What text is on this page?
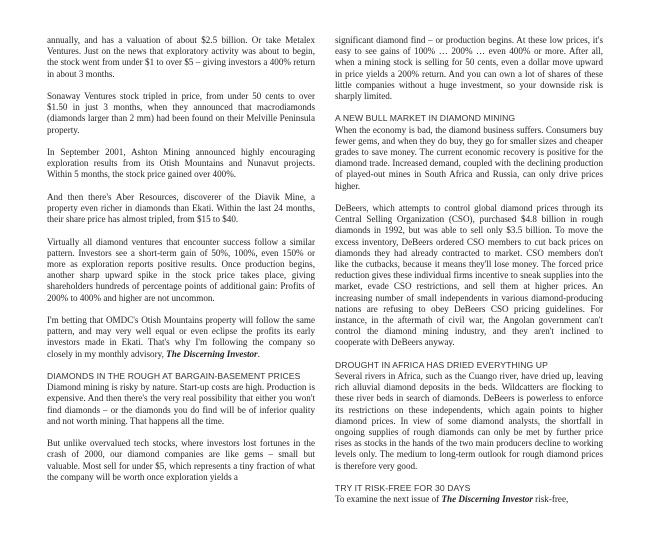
annually, and has a valuation of about $2.5 billion. Or take Metalex Ventures. Just on the news that exploratory activity was about to begin, the stock went from under $1 to over $5 – giving investors a 400% return in about 3 months.

Sonaway Ventures stock tripled in price, from under 50 cents to over $1.50 in just 3 months, when they announced that macrodiamonds (diamonds larger than 2 mm) had been found on their Melville Peninsula property.

In September 2001, Ashton Mining announced highly encouraging exploration results from its Otish Mountains and Nunavut projects. Within 5 months, the stock price gained over 400%.

And then there's Aber Resources, discoverer of the Diavik Mine, a property even richer in diamonds than Ekati. Within the last 24 months, their share price has almost tripled, from $15 to $40.

Virtually all diamond ventures that encounter success follow a similar pattern. Investors see a short-term gain of 50%, 100%, even 150% or more as exploration reports positive results. Once production begins, another sharp upward spike in the stock price takes place, giving shareholders hundreds of percentage points of additional gain: Profits of 200% to 400% and higher are not uncommon.

I'm betting that OMDC's Otish Mountains property will follow the same pattern, and may very well equal or even eclipse the profits its early investors made in Ekati. That's why I'm following the company so closely in my monthly advisory, The Discerning Investor.

DIAMONDS IN THE ROUGH AT BARGAIN-BASEMENT PRICES

Diamond mining is risky by nature. Start-up costs are high. Production is expensive. And then there's the very real possibility that either you won't find diamonds – or the diamonds you do find will be of inferior quality and not worth mining. That happens all the time.

But unlike overvalued tech stocks, where investors lost fortunes in the crash of 2000, our diamond companies are like gems – small but valuable. Most sell for under $5, which represents a tiny fraction of what the company will be worth once exploration yields a

significant diamond find – or production begins. At these low prices, it's easy to see gains of 100% … 200% … even 400% or more. After all, when a mining stock is selling for 50 cents, even a dollar move upward in price yields a 200% return. And you can own a lot of shares of these little companies without a huge investment, so your downside risk is sharply limited.

A NEW BULL MARKET IN DIAMOND MINING

When the economy is bad, the diamond business suffers. Consumers buy fewer gems, and when they do buy, they go for smaller sizes and cheaper grades to save money. The current economic recovery is positive for the diamond trade. Increased demand, coupled with the declining production of played-out mines in South Africa and Russia, can only drive prices higher.

DeBeers, which attempts to control global diamond prices through its Central Selling Organization (CSO), purchased $4.8 billion in rough diamonds in 1992, but was able to sell only $3.5 billion. To move the excess inventory, DeBeers ordered CSO members to cut back prices on diamonds they had already contracted to market. CSO members don't like the cutbacks, because it means they'll lose money. The forced price reduction gives these individual firms incentive to sneak supplies into the market, evade CSO restrictions, and sell them at higher prices. An increasing number of small independents in various diamond-producing nations are refusing to obey DeBeers CSO pricing guidelines. For instance, in the aftermath of civil war, the Angolan government can't control the diamond mining industry, and they aren't inclined to cooperate with DeBeers anyway.

DROUGHT IN AFRICA HAS DRIED EVERYTHING UP

Several rivers in Africa, such as the Cuango river, have dried up, leaving rich alluvial diamond deposits in the beds. Wildcatters are flocking to these river beds in search of diamonds. DeBeers is powerless to enforce its restrictions on these independents, which again points to higher diamond prices. In view of some diamond analysts, the shortfall in ongoing supplies of rough diamonds can only be met by further price rises as stocks in the hands of the two main producers decline to working levels only. The medium to long-term outlook for rough diamond prices is therefore very good.

TRY IT RISK-FREE FOR 30 DAYS

To examine the next issue of The Discerning Investor risk-free,
